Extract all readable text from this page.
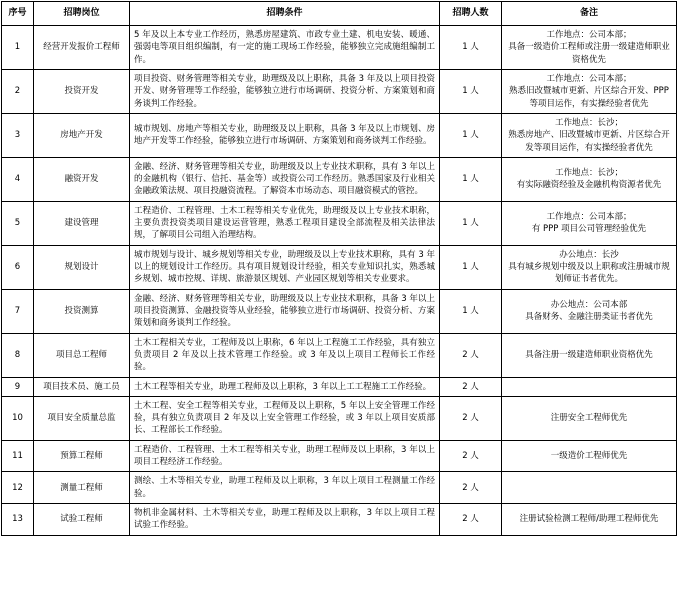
序号	招聘岗位	招聘条件	招聘人数	备注
1	经营开发报价工程师	5 年及以上本专业工作经历，熟悉房屋建筑、市政专业土建、机电安装、暖通、强弱电等项目组织编制，有一定的施工现场工作经验，能够独立完成施组编制工作。	1 人	工作地点：公司本部；
具备一级造价工程师或注册一级建造师职业资格优先
2	投资开发	项目投资、财务管理等相关专业，助理级及以上职称，具备 3 年及以上项目投资开发、财务管理等工作经验，能够独立进行市场调研、投资分析、方案策划和商务谈判工作经验。	1 人	工作地点：公司本部；
熟悉旧改暨城市更新、片区综合开发、PPP 等项目运作，有实操经验者优先
3	房地产开发	城市规划、房地产等相关专业，助理级及以上职称，具备 3 年及以上市规划、房地产开发等工作经验，能够独立进行市场调研、方案策划和商务谈判工作经验。	1 人	工作地点：长沙；
熟悉房地产、旧改暨城市更新、片区综合开发等项目运作，有实操经验者优先
4	融资开发	金融、经济、财务管理等相关专业，助理级及以上专业技术职称，具有 3 年以上的金融机构（银行、信托、基金等）或投资公司工作经历。熟悉国家及行业相关金融政策法规、项目投融资流程。了解资本市场动态、项目融资模式的管控。	1 人	工作地点：长沙；
有实际融资经验及金融机构资源者优先
5	建设管理	工程造价、工程管理、土木工程等相关专业优先，助理级及以上专业技术职称，主要负责投资类项目建设运营管理，熟悉工程项目建设全部流程及相关法律法规，了解项目公司组入治理结构。	1 人	工作地点：公司本部；
有 PPP 项目公司管理经验优先
6	规划设计	城市规划与设计、城乡规划等相关专业，助理级及以上专业技术职称，具有 3 年以上的规划设计工作经历。具有项目规划设计经验，相关专业知识扎实，熟悉城乡规划、城市控规、详规、旅游景区规划、产业园区规划等相关专业要求。	1 人	办公地点：长沙
具有城乡规划中级及以上职称或注册城市规划师证书者优先。
7	投资测算	金融、经济、财务管理等相关专业，助理级及以上专业技术职称，具备 3 年以上项目投资测算、金融投资等从业经验，能够独立进行市场调研、投资分析、方案策划和商务谈判工作经验。	1 人	办公地点：公司本部
具备财务、金融注册类证书者优先
8	项目总工程师	土木工程相关专业，工程师及以上职称，6 年以上工程施工工作经验，具有独立负责项目 2 年及以上技术管理工作经验。或 3 年及以上项目工程师长工作经验。	2 人	具备注册一级建造师职业资格优先
9	项目技术员、施工员	土木工程等相关专业，助理工程师及以上职称，3 年以上工工程施工工作经验。	2 人	
10	项目安全质量总监	土木工程、安全工程等相关专业，工程师及以上职称，5 年以上安全管理工作经验，具有独立负责项目 2 年及以上安全管理工作经验，或 3 年以上项目安质部长、工程部长工作经验。	2 人	注册安全工程师优先
11	预算工程师	工程造价、工程管理、土木工程等相关专业，助理工程师及以上职称，3 年以上项目工程经济工作经验。	2 人	一级造价工程师优先
12	测量工程师	测绘、土木等相关专业，助理工程师及以上职称，3 年以上项目工程测量工作经验。	2 人	
13	试验工程师	物机非金属材料、土木等相关专业，助理工程师及以上职称，3 年以上项目工程试验工作经验。	2 人	注册试验检测工程师/助理工程师优先
